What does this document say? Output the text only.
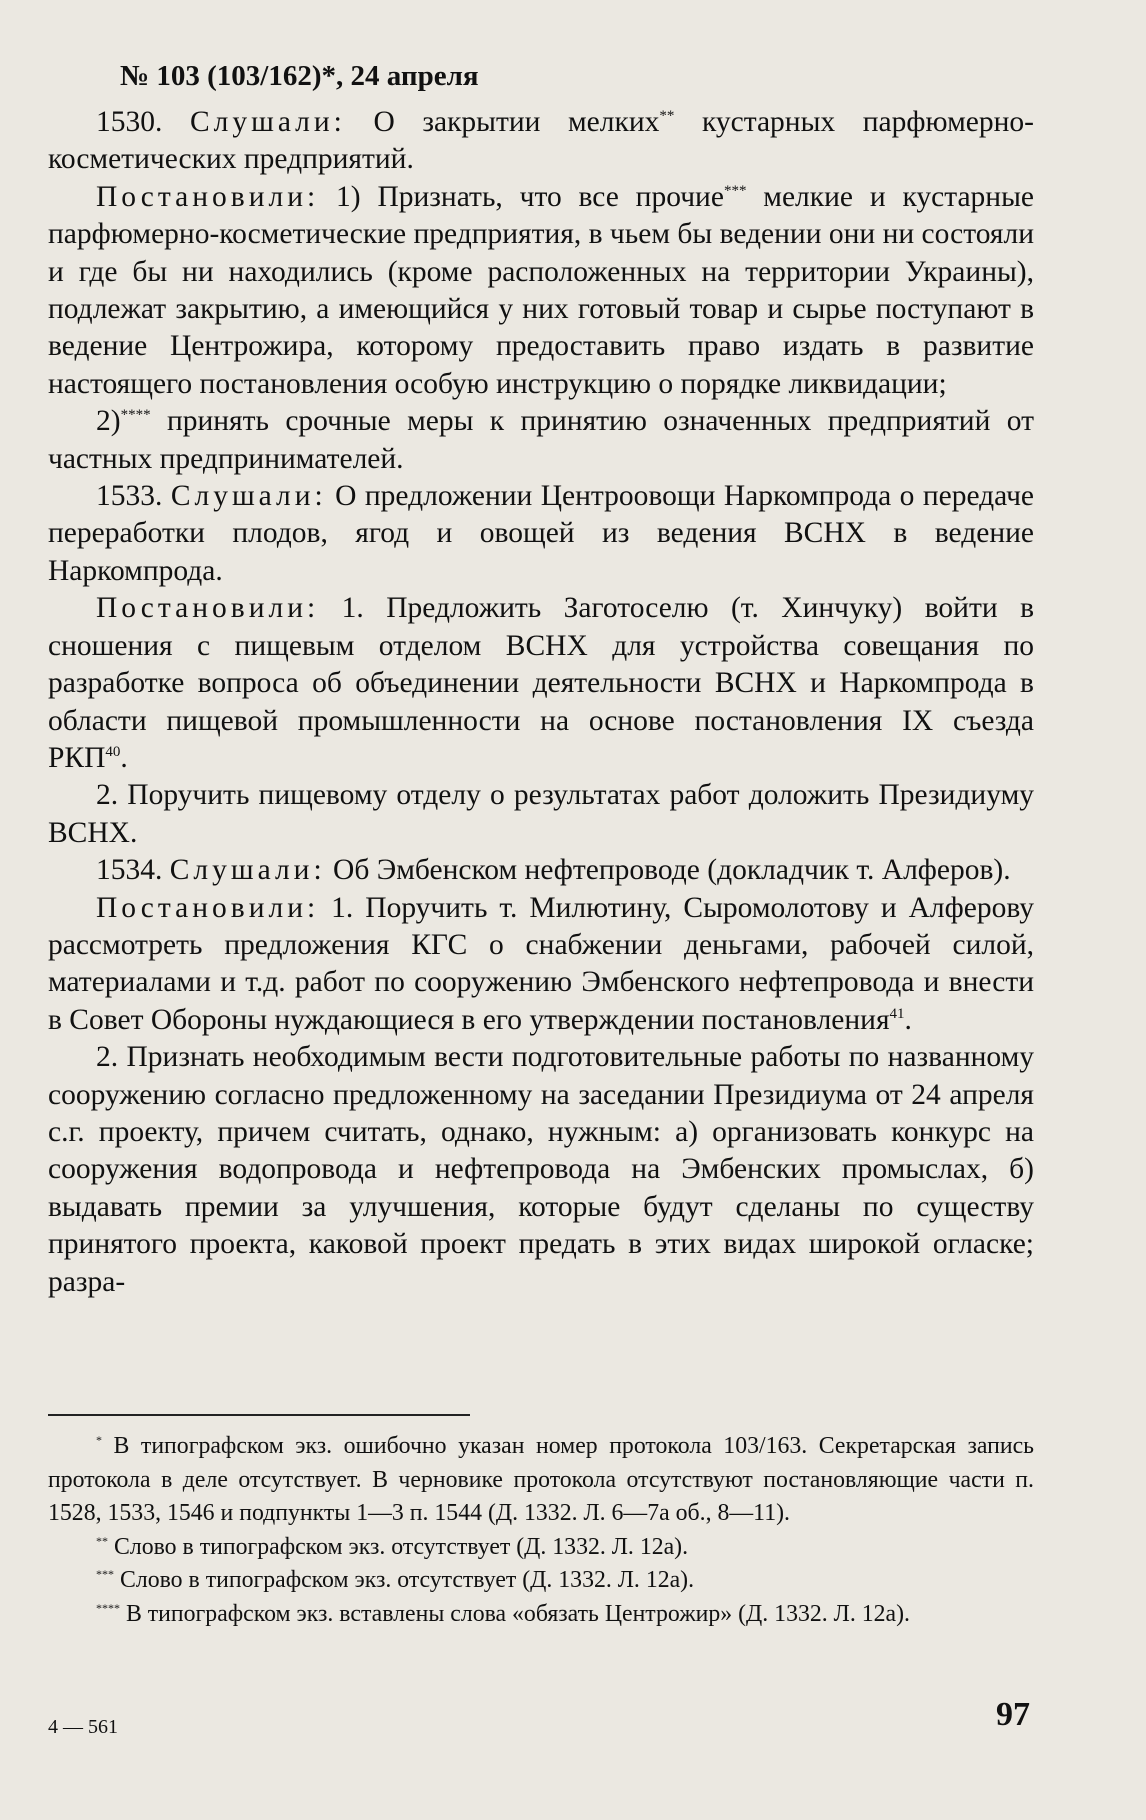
№ 103 (103/162)*, 24 апреля

1530. Слушали: О закрытии мелких** кустарных парфюмерно-косметических предприятий.

Постановили: 1) Признать, что все прочие*** мелкие и кустарные парфюмерно-косметические предприятия, в чьем бы ведении они ни состояли и где бы ни находились (кроме расположенных на территории Украины), подлежат закрытию, а имеющийся у них готовый товар и сырье поступают в ведение Центрожира, которому предоставить право издать в развитие настоящего постановления особую инструкцию о порядке ликвидации;

2)**** принять срочные меры к принятию означенных предприятий от частных предпринимателей.

1533. Слушали: О предложении Центроовощи Наркомпрода о передаче переработки плодов, ягод и овощей из ведения ВСНХ в ведение Наркомпрода.

Постановили: 1. Предложить Заготоселю (т. Хинчуку) войти в сношения с пищевым отделом ВСНХ для устройства совещания по разработке вопроса об объединении деятельности ВСНХ и Наркомпрода в области пищевой промышленности на основе постановления IX съезда РКП$^{40}$.

2. Поручить пищевому отделу о результатах работ доложить Президиуму ВСНХ.

1534. Слушали: Об Эмбенском нефтепроводе (докладчик т. Алферов).

Постановили: 1. Поручить т. Милютину, Сыромолотову и Алферову рассмотреть предложения КГС о снабжении деньгами, рабочей силой, материалами и т.д. работ по сооружению Эмбенского нефтепровода и внести в Совет Обороны нуждающиеся в его утверждении постановления$^{41}$.

2. Признать необходимым вести подготовительные работы по названному сооружению согласно предложенному на заседании Президиума от 24 апреля с.г. проекту, причем считать, однако, нужным: а) организовать конкурс на сооружения водопровода и нефтепровода на Эмбенских промыслах, б) выдавать премии за улучшения, которые будут сделаны по существу принятого проекта, каковой проект предать в этих видах широкой огласке; разра-

* В типографском экз. ошибочно указан номер протокола 103/163. Секретарская запись протокола в деле отсутствует. В черновике протокола отсутствуют постановляющие части п. 1528, 1533, 1546 и подпункты 1—3 п. 1544 (Д. 1332. Л. 6—7а об., 8—11).

** Слово в типографском экз. отсутствует (Д. 1332. Л. 12а).

*** Слово в типографском экз. отсутствует (Д. 1332. Л. 12а).

**** В типографском экз. вставлены слова «обязать Центрожир» (Д. 1332. Л. 12а).

4 — 561	97
